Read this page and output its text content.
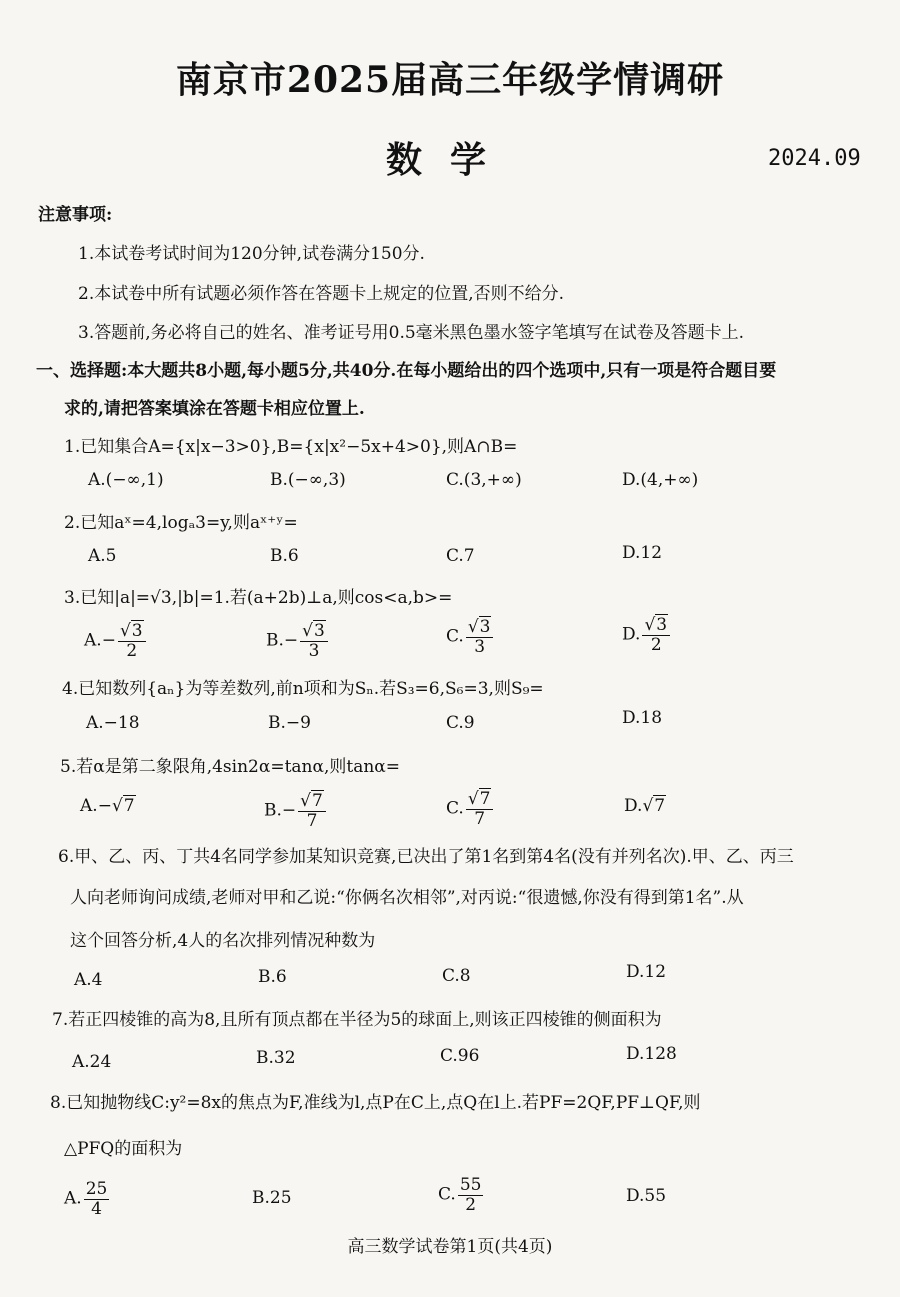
南京市2025届高三年级学情调研
数学	2024.09
注意事项:
1.本试卷考试时间为120分钟,试卷满分150分.
2.本试卷中所有试题必须作答在答题卡上规定的位置,否则不给分.
3.答题前,务必将自己的姓名、准考证号用0.5毫米黑色墨水签字笔填写在试卷及答题卡上.
一、选择题:本大题共8小题,每小题5分,共40分.在每小题给出的四个选项中,只有一项是符合题目要
求的,请把答案填涂在答题卡相应位置上.
1.已知集合A={x|x−3>0},B={x|x²−5x+4>0},则A∩B=
A.(−∞,1)	B.(−∞,3)	C.(3,+∞)	D.(4,+∞)
2.已知aˣ=4,logₐ3=y,则aˣ⁺ʸ=
A.5	B.6	C.7	D.12
3.已知|a|=√3,|b|=1.若(a+2b)⊥a,则cos<a,b>=
$A.- \frac{√3}{2}$	$B.- \frac{√3}{3}$	C. $\frac{√3}{3}$	D. $\frac{√3}{2}$
4.已知数列{aₙ}为等差数列,前n项和为Sₙ.若S₃=6,S₆=3,则S₉=
A.−18	B.−9	C.9	D.18
5.若α是第二象限角,4sin2α=tanα,则tanα=
A.−√7	$B.- \frac{√7}{7}$	C. $\frac{√7}{7}$	D.√7
6.甲、乙、丙、丁共4名同学参加某知识竞赛,已决出了第1名到第4名(没有并列名次).甲、乙、丙三
人向老师询问成绩,老师对甲和乙说:“你俩名次相邻”,对丙说:“很遗憾,你没有得到第1名”.从
这个回答分析,4人的名次排列情况种数为
A.4	B.6	C.8	D.12
7.若正四棱锥的高为8,且所有顶点都在半径为5的球面上,则该正四棱锥的侧面积为
A.24	B.32	C.96	D.128
8.已知抛物线C:y²=8x的焦点为F,准线为l,点P在C上,点Q在l上.若PF=2QF,PF⊥QF,则
△PFQ的面积为
A. $\frac{25}{4}$	B.25	C. $\frac{55}{2}$	D.55
高三数学试卷第1页(共4页)
